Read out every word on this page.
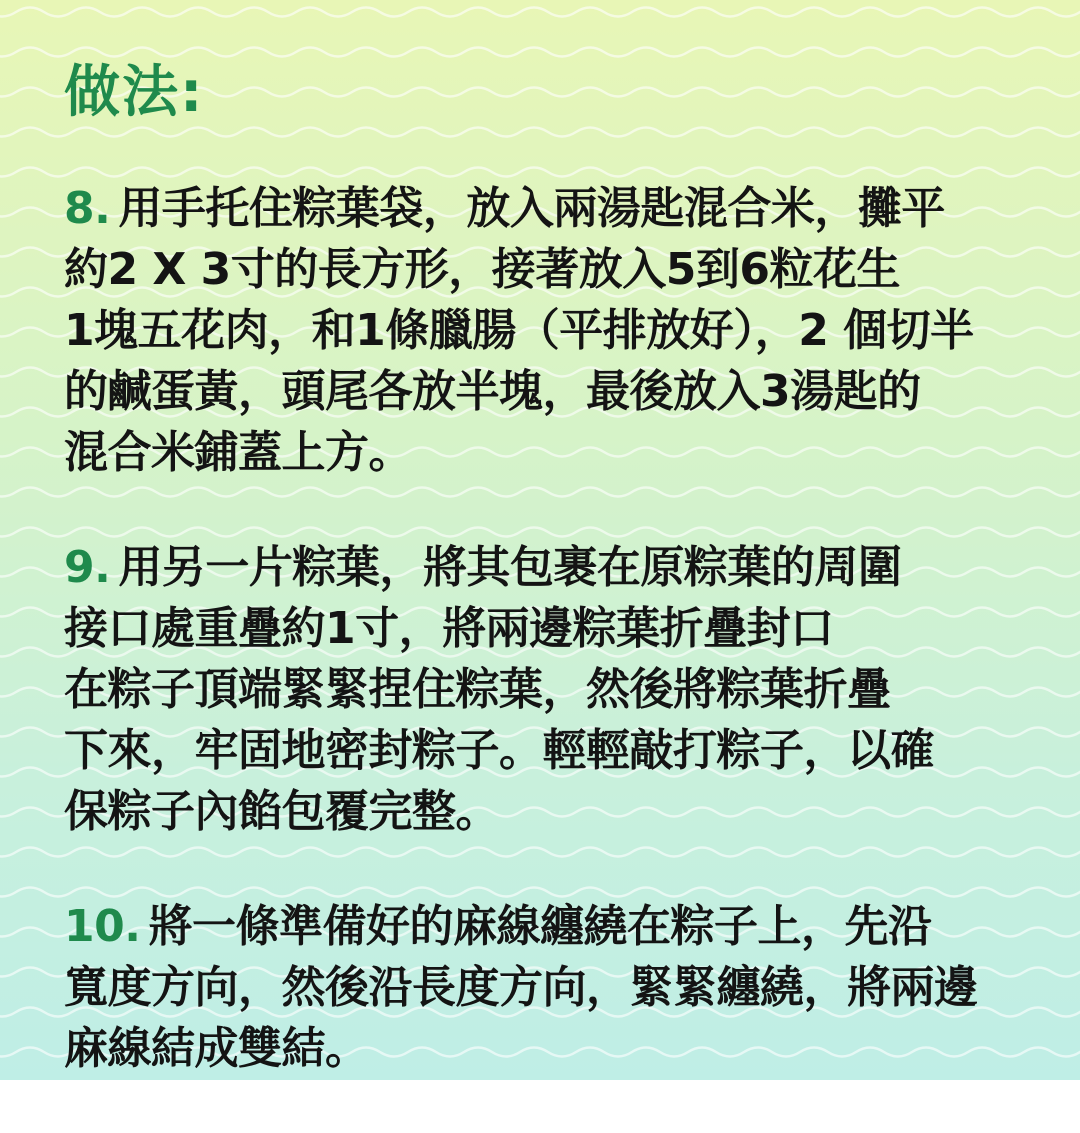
做法:
8. 用手托住粽葉袋，放入兩湯匙混合米，攤平
約2 X 3寸的長方形，接著放入5到6粒花生
1塊五花肉，和1條臘腸（平排放好），2 個切半
的鹹蛋黃，頭尾各放半塊，最後放入3湯匙的
混合米鋪蓋上方。
9. 用另一片粽葉，將其包裹在原粽葉的周圍
接口處重疊約1寸，將兩邊粽葉折疊封口
在粽子頂端緊緊捏住粽葉，然後將粽葉折疊
下來，牢固地密封粽子。輕輕敲打粽子，以確
保粽子內餡包覆完整。
10. 將一條準備好的麻線纏繞在粽子上，先沿
寬度方向，然後沿長度方向，緊緊纏繞，將兩邊
麻線結成雙結。
